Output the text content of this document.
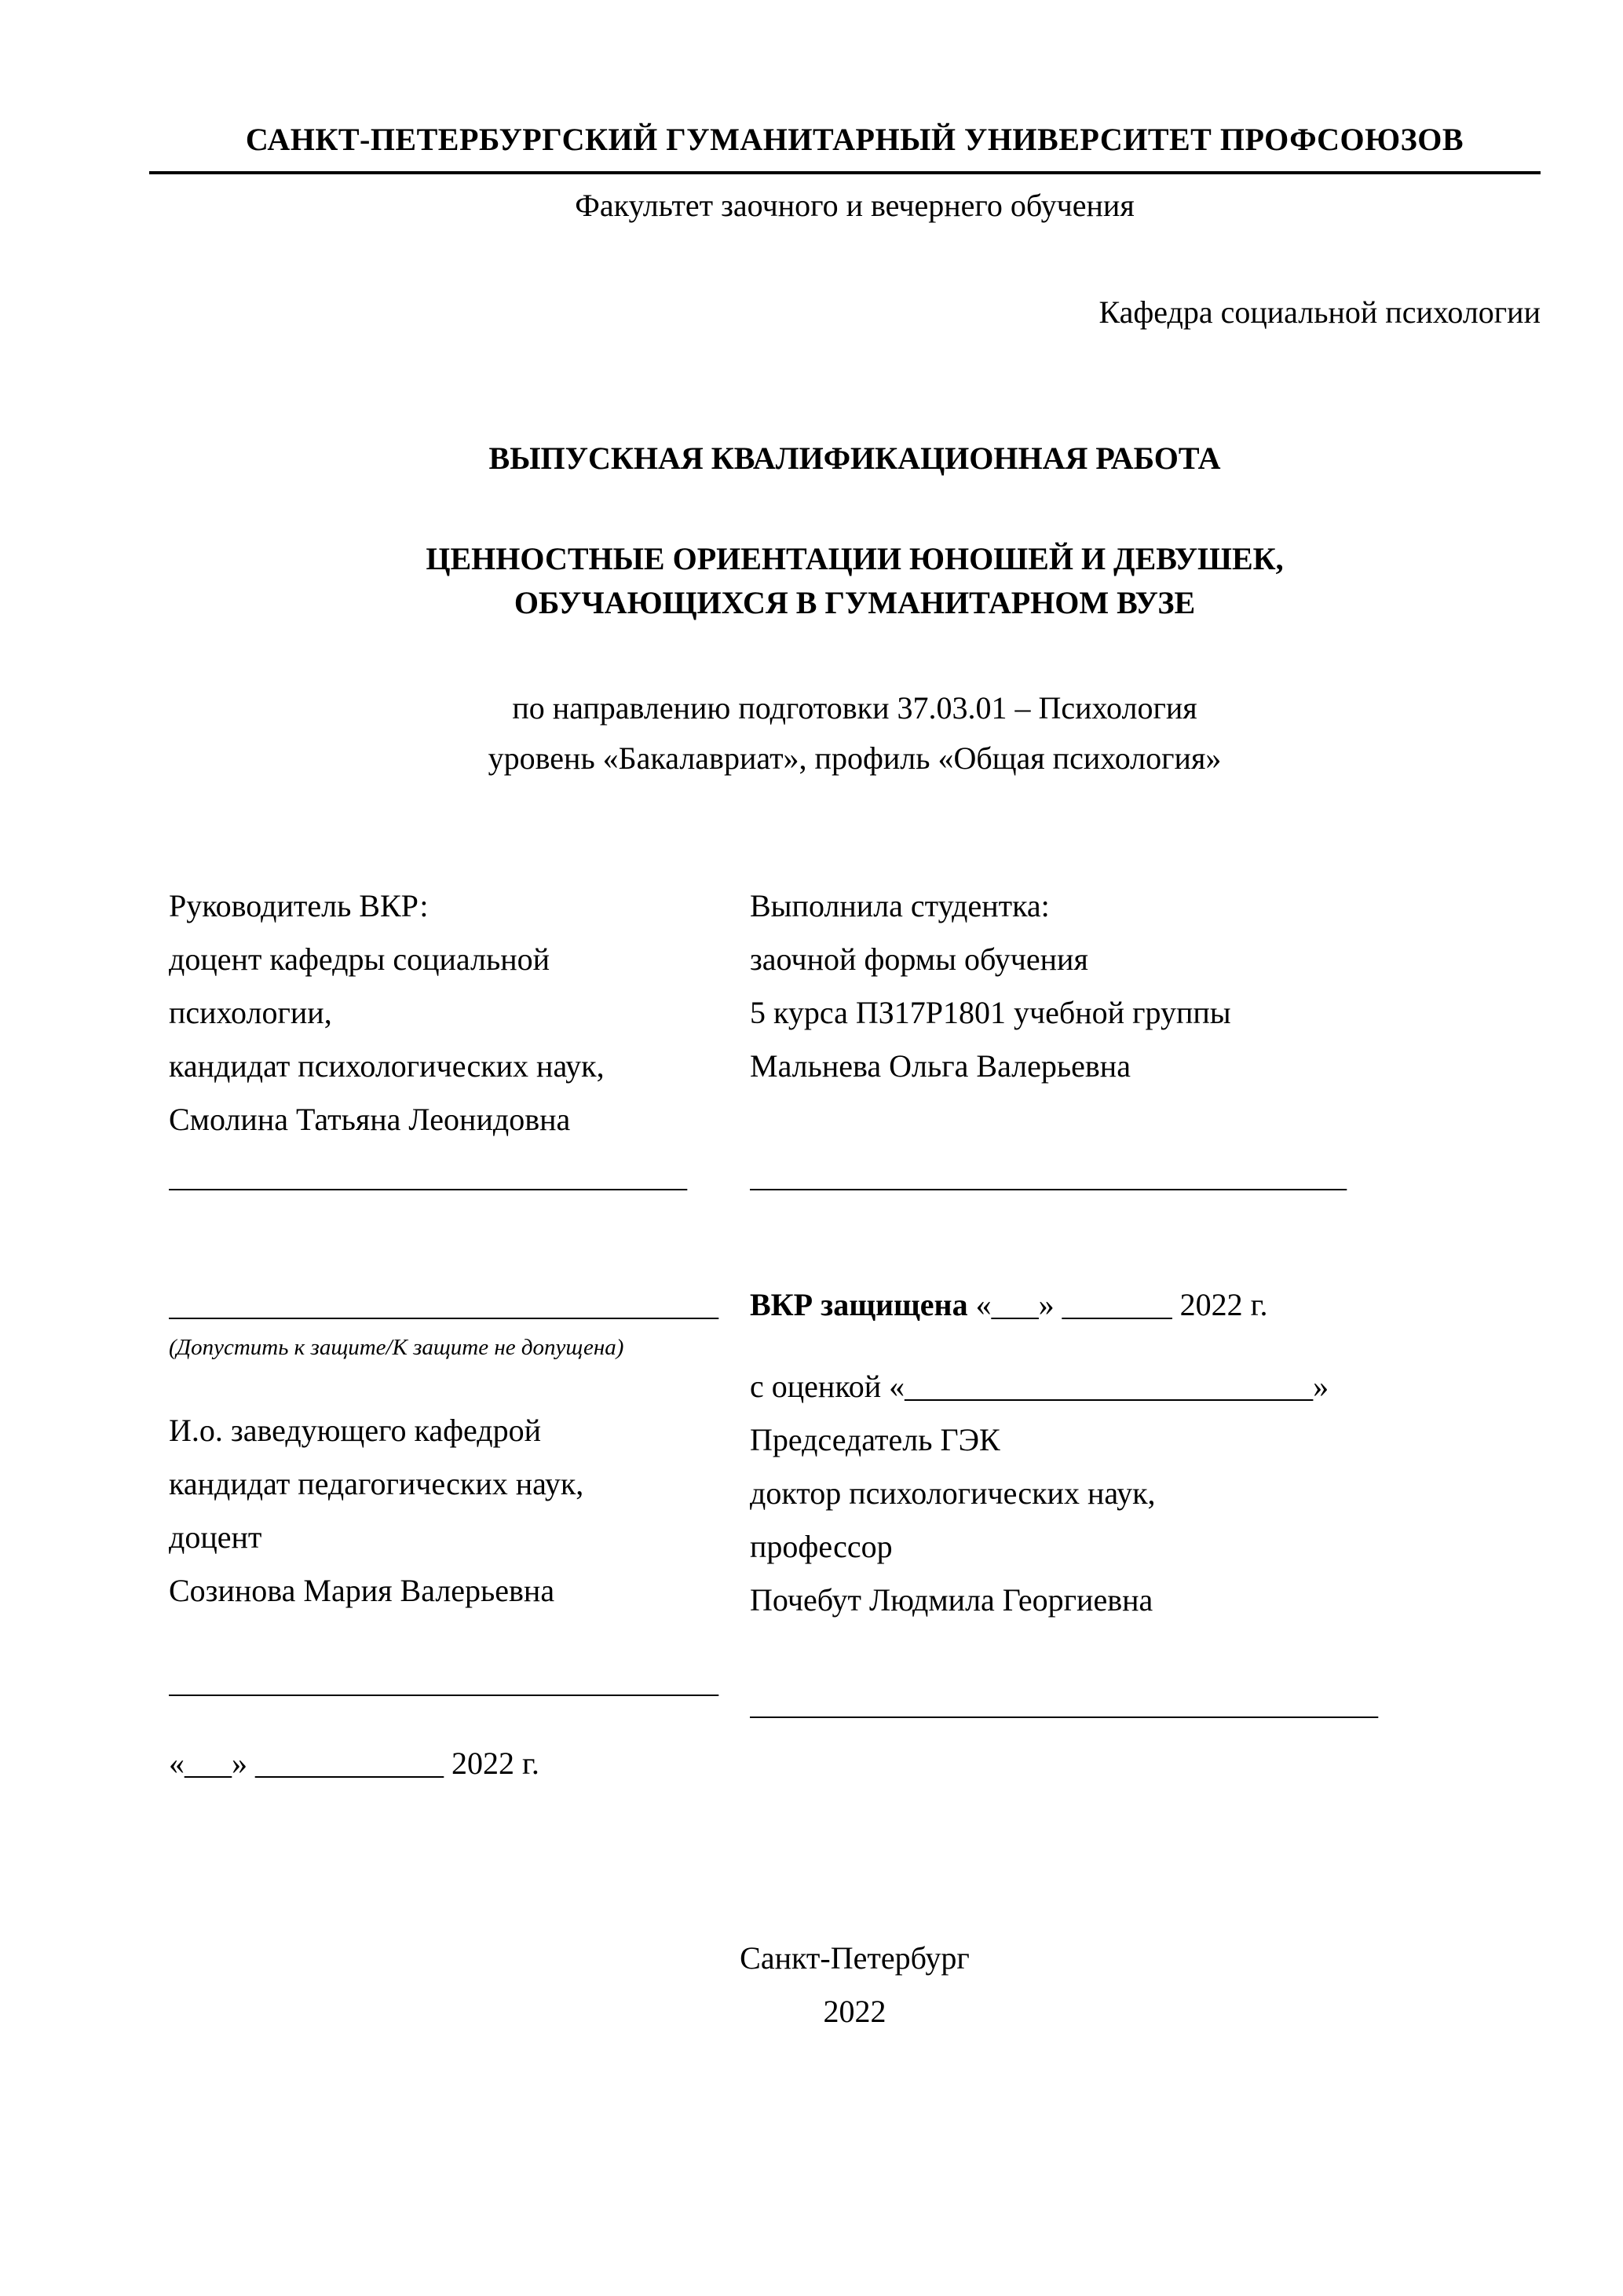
САНКТ-ПЕТЕРБУРГСКИЙ ГУМАНИТАРНЫЙ УНИВЕРСИТЕТ ПРОФСОЮЗОВ
Факультет заочного и вечернего обучения
Кафедра социальной психологии
ВЫПУСКНАЯ КВАЛИФИКАЦИОННАЯ РАБОТА
ЦЕННОСТНЫЕ ОРИЕНТАЦИИ ЮНОШЕЙ И ДЕВУШЕК,
ОБУЧАЮЩИХСЯ В ГУМАНИТАРНОМ ВУЗЕ
по направлению подготовки 37.03.01 – Психология
уровень «Бакалавриат», профиль «Общая психология»
Руководитель ВКР:
доцент кафедры социальной
психологии,
кандидат психологических наук,
Смолина Татьяна Леонидовна
Выполнила студентка:
заочной формы обучения
5 курса ПЗ17Р1801 учебной группы
Мальнева Ольга Валерьевна
_________________________________	______________________________________
___________________________________
(Допустить к защите/К защите не допущена)
И.о. заведующего кафедрой
кандидат педагогических наук,
доцент
Созинова Мария Валерьевна
___________________________________
«___» ____________ 2022 г.
ВКР защищена «___» _______ 2022 г.
с оценкой «__________________________»
Председатель ГЭК
доктор психологических наук,
профессор
Почебут Людмила Георгиевна
________________________________________
Санкт-Петербург
2022
